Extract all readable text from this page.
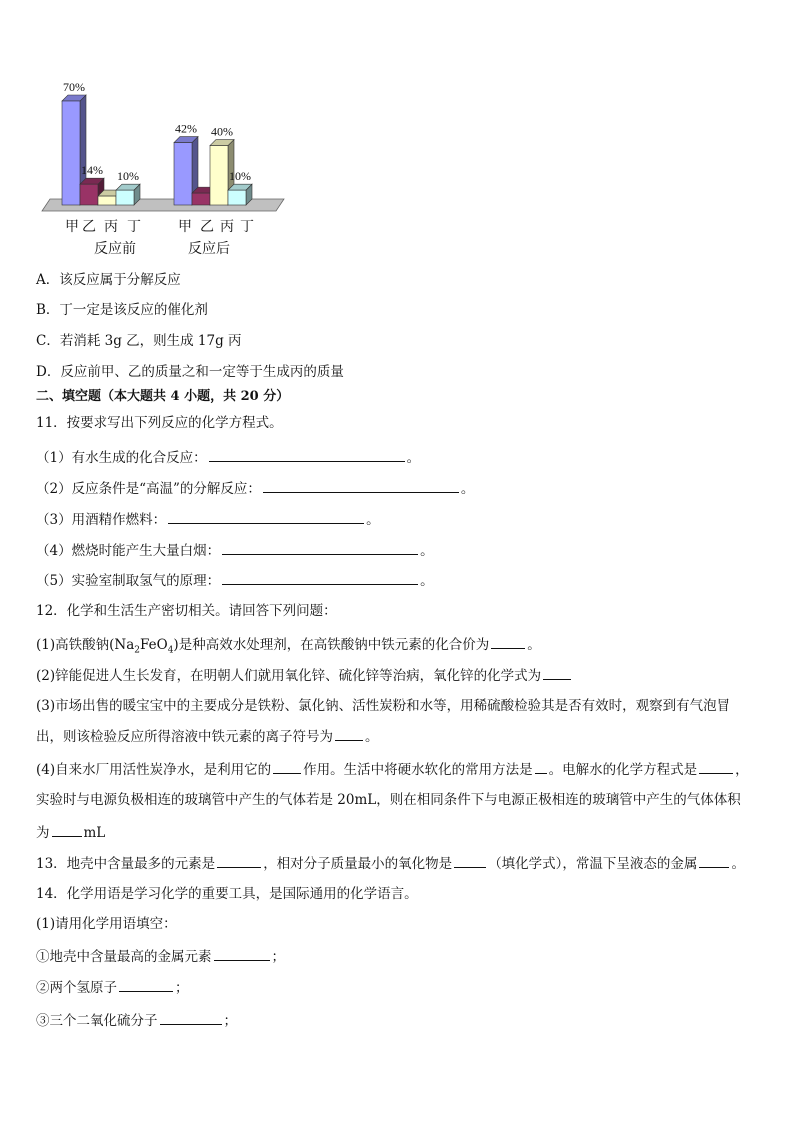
70%
14% 10%
42% 40%
10%
甲 乙 丙 丁
反应前
甲 乙 丙 丁
反应后
A．该反应属于分解反应
B．丁一定是该反应的催化剂
C．若消耗 3g 乙，则生成 17g 丙
D．反应前甲、乙的质量之和一定等于生成丙的质量
二、填空题（本大题共 4 小题，共 20 分）
11．按要求写出下列反应的化学方程式。
（1）有水生成的化合反应：	。
（2）反应条件是“高温”的分解反应：	。
（3）用酒精作燃料：	。
（4）燃烧时能产生大量白烟：	。
（5）实验室制取氢气的原理：	。
12．化学和生活生产密切相关。请回答下列问题：
(1)高铁酸钠$(Na_2FeO_4)$是种高效水处理剂，在高铁酸钠中铁元素的化合价为	。
(2)锌能促进人生长发育，在明朝人们就用氧化锌、硫化锌等治病，氧化锌的化学式为
(3)市场出售的暖宝宝中的主要成分是铁粉、氯化钠、活性炭粉和水等，用稀硫酸检验其是否有效时，观察到有气泡冒
出，则该检验反应所得溶液中铁元素的离子符号为 。
(4)自来水厂用活性炭净水，是利用它的 作用。生活中将硬水软化的常用方法是 。电解水的化学方程式是	，
实验时与电源负极相连的玻璃管中产生的气体若是 20mL，则在相同条件下与电源正极相连的玻璃管中产生的气体体积
为	mL
13．地壳中含量最多的元素是	，相对分子质量最小的氧化物是	（填化学式），常温下呈液态的金属	。
14．化学用语是学习化学的重要工具，是国际通用的化学语言。
(1)请用化学用语填空：
①地壳中含量最高的金属元素	；
②两个氢原子	；
③三个二氧化硫分子	；
